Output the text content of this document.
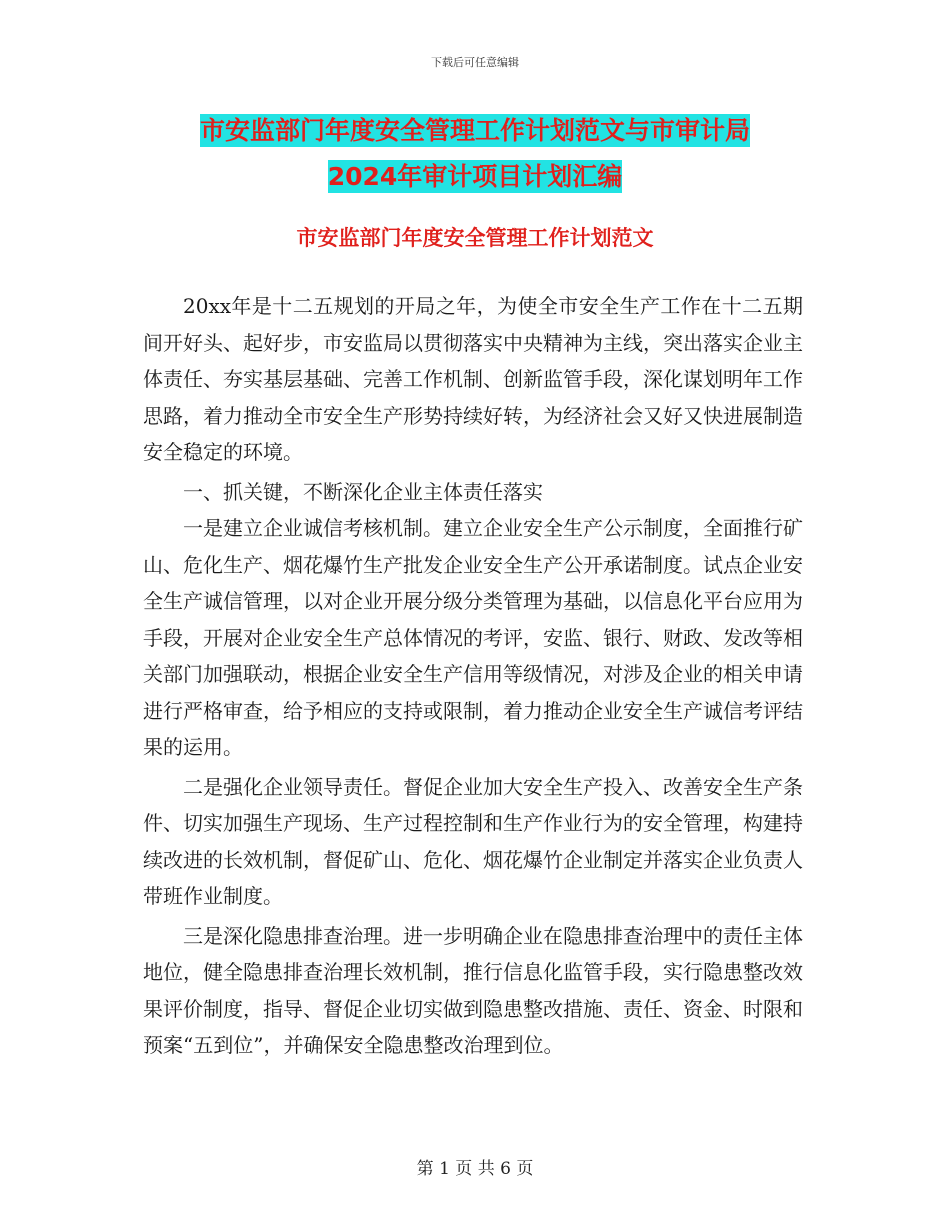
下载后可任意编辑
市安监部门年度安全管理工作计划范文与市审计局
2024年审计项目计划汇编
市安监部门年度安全管理工作计划范文

20xx年是十二五规划的开局之年，为使全市安全生产工作在十二五期间开好头、起好步，市安监局以贯彻落实中央精神为主线，突出落实企业主体责任、夯实基层基础、完善工作机制、创新监管手段，深化谋划明年工作思路，着力推动全市安全生产形势持续好转，为经济社会又好又快进展制造安全稳定的环境。

一、抓关键，不断深化企业主体责任落实

一是建立企业诚信考核机制。建立企业安全生产公示制度，全面推行矿山、危化生产、烟花爆竹生产批发企业安全生产公开承诺制度。试点企业安全生产诚信管理，以对企业开展分级分类管理为基础，以信息化平台应用为手段，开展对企业安全生产总体情况的考评，安监、银行、财政、发改等相关部门加强联动，根据企业安全生产信用等级情况，对涉及企业的相关申请进行严格审查，给予相应的支持或限制，着力推动企业安全生产诚信考评结果的运用。

二是强化企业领导责任。督促企业加大安全生产投入、改善安全生产条件、切实加强生产现场、生产过程控制和生产作业行为的安全管理，构建持续改进的长效机制，督促矿山、危化、烟花爆竹企业制定并落实企业负责人带班作业制度。

三是深化隐患排查治理。进一步明确企业在隐患排查治理中的责任主体地位，健全隐患排查治理长效机制，推行信息化监管手段，实行隐患整改效果评价制度，指导、督促企业切实做到隐患整改措施、责任、资金、时限和预案“五到位”，并确保安全隐患整改治理到位。

第 1 页 共 6 页
